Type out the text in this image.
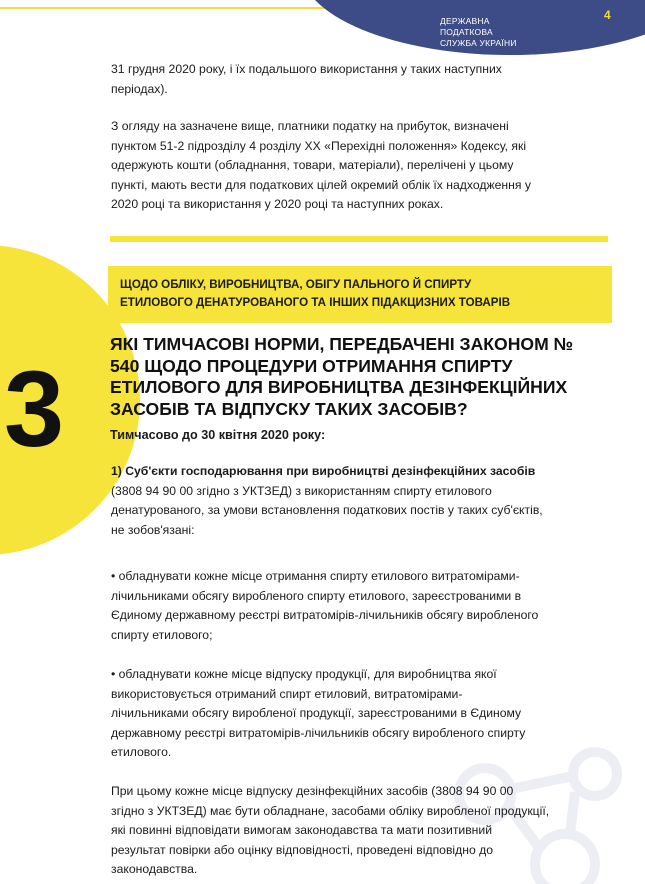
ДЕРЖАВНА
ПОДАТКОВА
СЛУЖБА УКРАЇНИ
4
3
31 грудня 2020 року, і їх подальшого використання у таких наступних
періодах).
З огляду на зазначене вище, платники податку на прибуток, визначені
пунктом 51-2 підрозділу 4 розділу ХХ «Перехідні положення» Кодексу, які
одержують кошти (обладнання, товари, матеріали), перелічені у цьому
пункті, мають вести для податкових цілей окремий облік їх надходження у
2020 році та використання у 2020 році та наступних роках.
ЩОДО ОБЛІКУ, ВИРОБНИЦТВА, ОБІГУ ПАЛЬНОГО Й СПИРТУ
ЕТИЛОВОГО ДЕНАТУРОВАНОГО ТА ІНШИХ ПІДАКЦИЗНИХ ТОВАРІВ
ЯКІ ТИМЧАСОВІ НОРМИ, ПЕРЕДБАЧЕНІ ЗАКОНОМ №
540 ЩОДО ПРОЦЕДУРИ ОТРИМАННЯ СПИРТУ
ЕТИЛОВОГО ДЛЯ ВИРОБНИЦТВА ДЕЗІНФЕКЦІЙНИХ
ЗАСОБІВ ТА ВІДПУСКУ ТАКИХ ЗАСОБІВ?
Тимчасово до 30 квітня 2020 року:
1) Суб'єкти господарювання при виробництві дезінфекційних засобів
(3808 94 90 00 згідно з УКТЗЕД) з використанням спирту етилового
денатурованого, за умови встановлення податкових постів у таких суб'єктів,
не зобов'язані:
• обладнувати кожне місце отримання спирту етилового витратомірами-
лічильниками обсягу виробленого спирту етилового, зареєстрованими в
Єдиному державному реєстрі витратомірів-лічильників обсягу виробленого
спирту етилового;
• обладнувати кожне місце відпуску продукції, для виробництва якої
використовується отриманий спирт етиловий, витратомірами-
лічильниками обсягу виробленої продукції, зареєстрованими в Єдиному
державному реєстрі витратомірів-лічильників обсягу виробленого спирту
етилового.
При цьому кожне місце відпуску дезінфекційних засобів (3808 94 90 00
згідно з УКТЗЕД) має бути обладнане, засобами обліку виробленої продукції,
які повинні відповідати вимогам законодавства та мати позитивний
результат повірки або оцінку відповідності, проведені відповідно до
законодавства.
